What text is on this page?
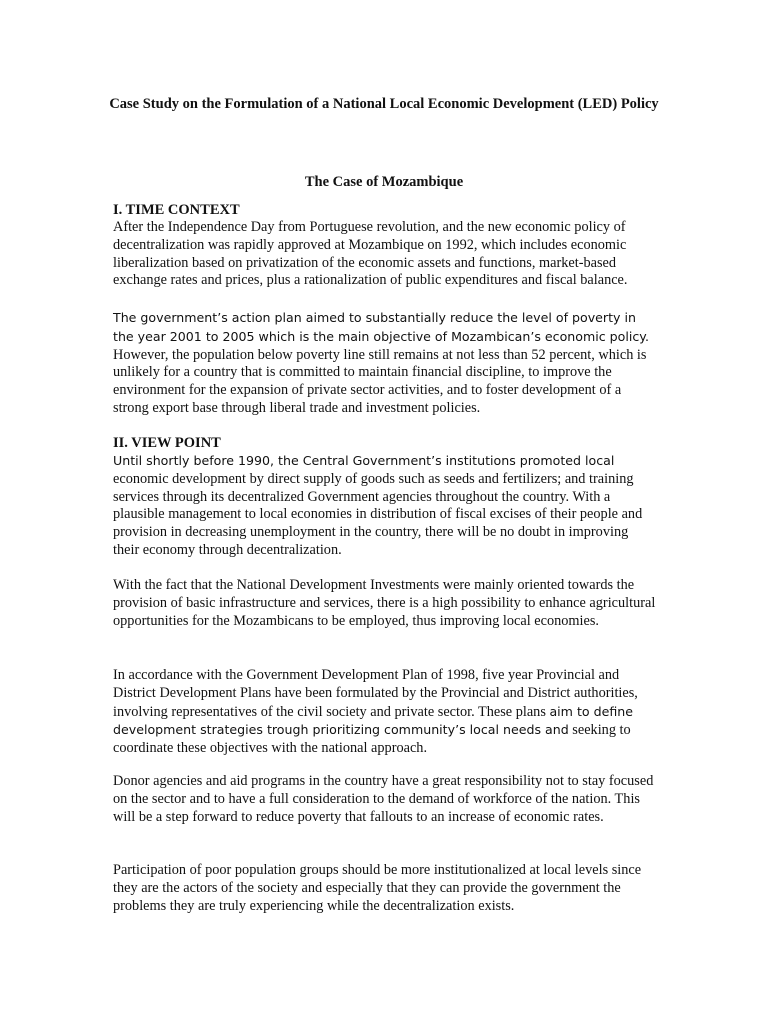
Case Study on the Formulation of a National Local Economic Development (LED) Policy
The Case of Mozambique
I. TIME CONTEXT

After the Independence Day from Portuguese revolution, and the new economic policy of decentralization was rapidly approved at Mozambique on 1992, which includes economic liberalization based on privatization of the economic assets and functions, market-based exchange rates and prices, plus a rationalization of public expenditures and fiscal balance.

The government’s action plan aimed to substantially reduce the level of poverty in the year 2001 to 2005 which is the main objective of Mozambican’s economic policy. However, the population below poverty line still remains at not less than 52 percent, which is unlikely for a country that is committed to maintain financial discipline, to improve the environment for the expansion of private sector activities, and to foster development of a strong export base through liberal trade and investment policies.

II. VIEW POINT

Until shortly before 1990, the Central Government’s institutions promoted local economic development by direct supply of goods such as seeds and fertilizers; and training services through its decentralized Government agencies throughout the country. With a plausible management to local economies in distribution of fiscal excises of their people and provision in decreasing unemployment in the country, there will be no doubt in improving their economy through decentralization.

With the fact that the National Development Investments were mainly oriented towards the provision of basic infrastructure and services, there is a high possibility to enhance agricultural opportunities for the Mozambicans to be employed, thus improving local economies.

In accordance with the Government Development Plan of 1998, five year Provincial and District Development Plans have been formulated by the Provincial and District authorities, involving representatives of the civil society and private sector. These plans aim to define development strategies trough prioritizing community’s local needs and seeking to coordinate these objectives with the national approach.

Donor agencies and aid programs in the country have a great responsibility not to stay focused on the sector and to have a full consideration to the demand of workforce of the nation. This will be a step forward to reduce poverty that fallouts to an increase of economic rates.

Participation of poor population groups should be more institutionalized at local levels since they are the actors of the society and especially that they can provide the government the problems they are truly experiencing while the decentralization exists.
